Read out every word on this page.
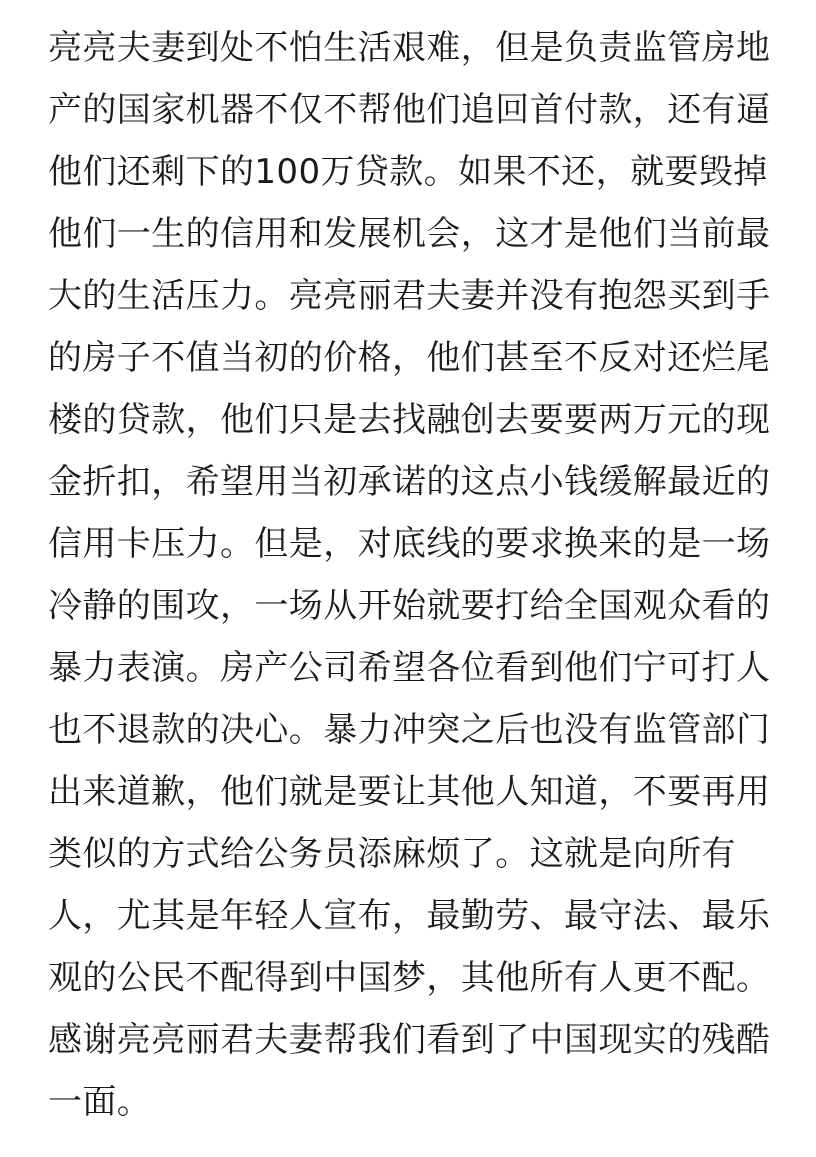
亮亮夫妻到处不怕生活艰难，但是负责监管房地
产的国家机器不仅不帮他们追回首付款，还有逼
他们还剩下的100万贷款。如果不还，就要毁掉
他们一生的信用和发展机会，这才是他们当前最
大的生活压力。亮亮丽君夫妻并没有抱怨买到手
的房子不值当初的价格，他们甚至不反对还烂尾
楼的贷款，他们只是去找融创去要要两万元的现
金折扣，希望用当初承诺的这点小钱缓解最近的
信用卡压力。但是，对底线的要求换来的是一场
冷静的围攻，一场从开始就要打给全国观众看的
暴力表演。房产公司希望各位看到他们宁可打人
也不退款的决心。暴力冲突之后也没有监管部门
出来道歉，他们就是要让其他人知道，不要再用
类似的方式给公务员添麻烦了。这就是向所有
人，尤其是年轻人宣布，最勤劳、最守法、最乐
观的公民不配得到中国梦，其他所有人更不配。
感谢亮亮丽君夫妻帮我们看到了中国现实的残酷
一面。
